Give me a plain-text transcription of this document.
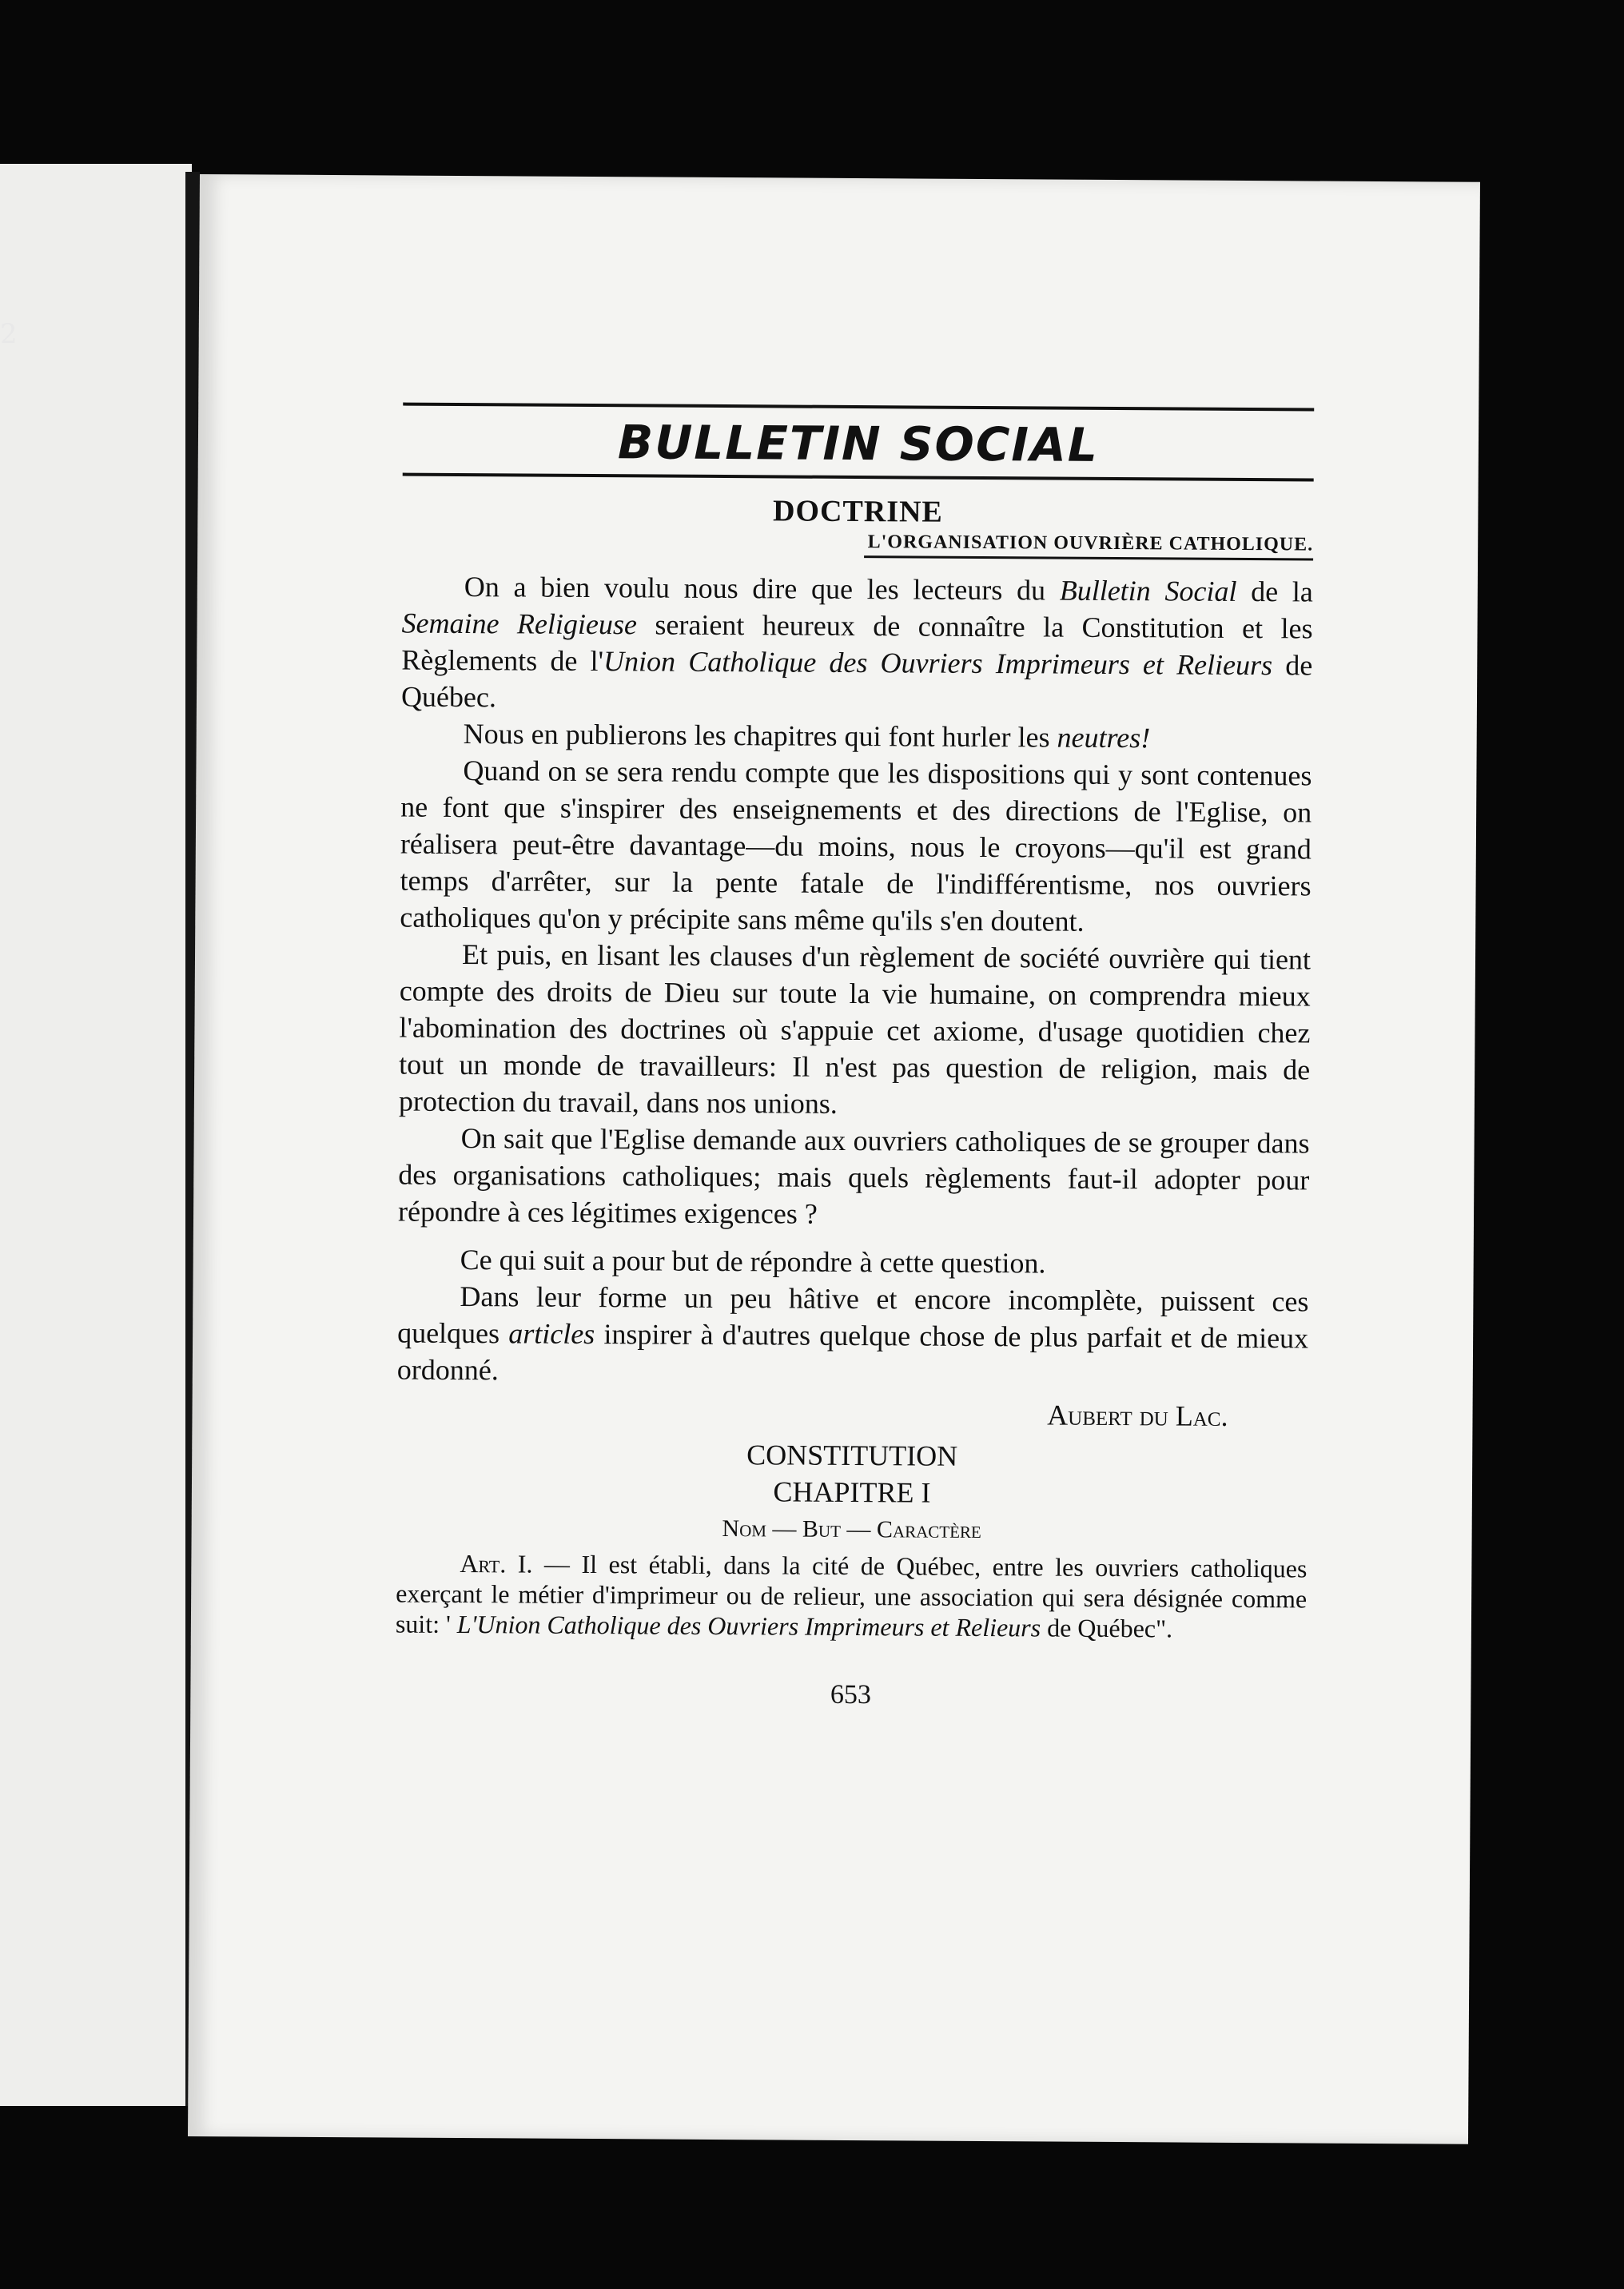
2
BULLETIN SOCIAL
DOCTRINE
L'ORGANISATION OUVRIÈRE CATHOLIQUE.

On a bien voulu nous dire que les lecteurs du Bulletin Social de la Semaine Religieuse seraient heureux de connaître la Constitution et les Règlements de l'Union Catholique des Ouvriers Imprimeurs et Relieurs de Québec.

Nous en publierons les chapitres qui font hurler les neutres!

Quand on se sera rendu compte que les dispositions qui y sont contenues ne font que s'inspirer des enseignements et des directions de l'Eglise, on réalisera peut-être davantage—du moins, nous le croyons—qu'il est grand temps d'arrêter, sur la pente fatale de l'indifférentisme, nos ouvriers catholiques qu'on y précipite sans même qu'ils s'en doutent.

Et puis, en lisant les clauses d'un règlement de société ouvrière qui tient compte des droits de Dieu sur toute la vie humaine, on comprendra mieux l'abomination des doctrines où s'appuie cet axiome, d'usage quotidien chez tout un monde de travailleurs: Il n'est pas question de religion, mais de protection du travail, dans nos unions.

On sait que l'Eglise demande aux ouvriers catholiques de se grouper dans des organisations catholiques; mais quels règlements faut-il adopter pour répondre à ces légitimes exigences ?

Ce qui suit a pour but de répondre à cette question.

Dans leur forme un peu hâtive et encore incomplète, puissent ces quelques articles inspirer à d'autres quelque chose de plus parfait et de mieux ordonné.

Aubert du Lac.
CONSTITUTION
CHAPITRE I
Nom — But — Caractère

Art. I. — Il est établi, dans la cité de Québec, entre les ouvriers catholiques exerçant le métier d'imprimeur ou de relieur, une association qui sera désignée comme suit: ' L'Union Catholique des Ouvriers Imprimeurs et Relieurs de Québec".

653
